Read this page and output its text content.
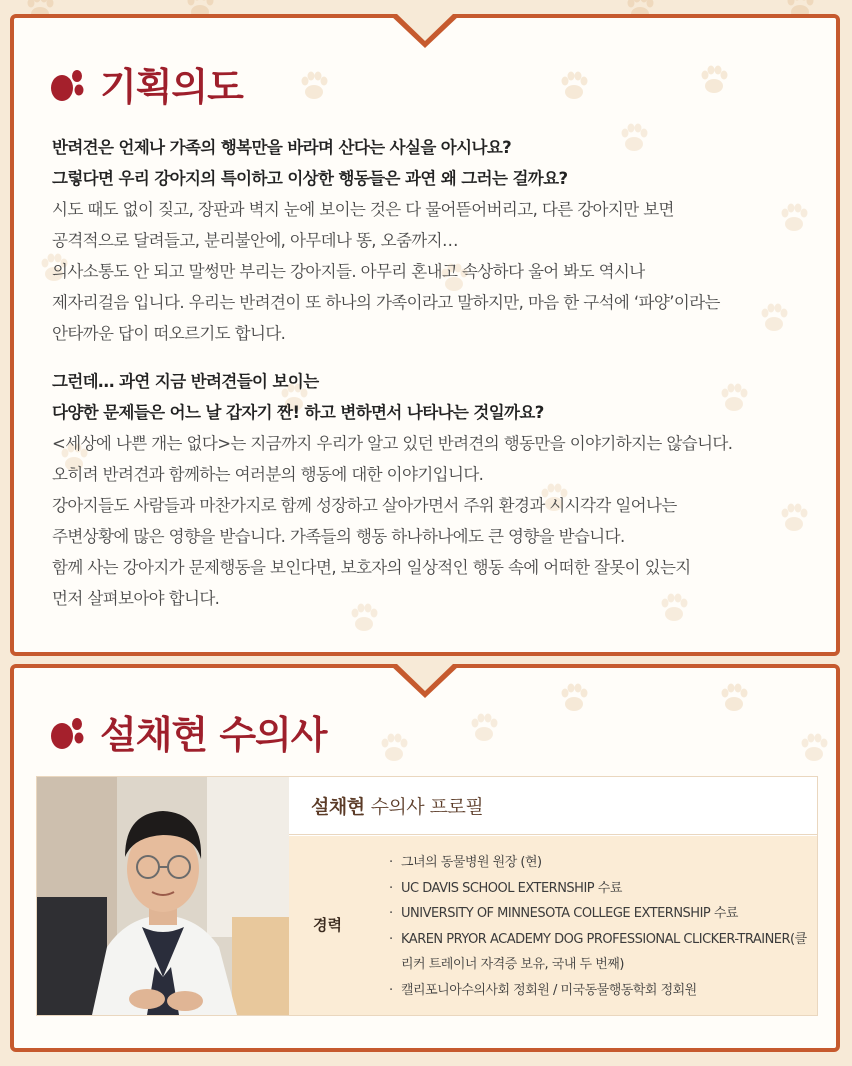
기획의도
반려견은 언제나 가족의 행복만을 바라며 산다는 사실을 아시나요?
그렇다면 우리 강아지의 특이하고 이상한 행동들은 과연 왜 그러는 걸까요?
시도 때도 없이 짖고, 장판과 벽지 눈에 보이는 것은 다 물어뜯어버리고, 다른 강아지만 보면
공격적으로 달려들고, 분리불안에, 아무데나 똥, 오줌까지…
의사소통도 안 되고 말썽만 부리는 강아지들. 아무리 혼내고 속상하다 울어 봐도 역시나
제자리걸음 입니다. 우리는 반려견이 또 하나의 가족이라고 말하지만, 마음 한 구석에 ‘파양’이라는
안타까운 답이 떠오르기도 합니다.
그런데… 과연 지금 반려견들이 보이는
다양한 문제들은 어느 날 갑자기 짠! 하고 변하면서 나타나는 것일까요?
<세상에 나쁜 개는 없다>는 지금까지 우리가 알고 있던 반려견의 행동만을 이야기하지는 않습니다.
오히려 반려견과 함께하는 여러분의 행동에 대한 이야기입니다.
강아지들도 사람들과 마찬가지로 함께 성장하고 살아가면서 주위 환경과 시시각각 일어나는
주변상황에 많은 영향을 받습니다. 가족들의 행동 하나하나에도 큰 영향을 받습니다.
함께 사는 강아지가 문제행동을 보인다면, 보호자의 일상적인 행동 속에 어떠한 잘못이 있는지
먼저 살펴보아야 합니다.
설채현 수의사
설채현 수의사 프로필
경력
· 그녀의 동물병원 원장 (현)
· UC DAVIS SCHOOL EXTERNSHIP 수료
· UNIVERSITY OF MINNESOTA COLLEGE EXTERNSHIP 수료
· KAREN PRYOR ACADEMY DOG PROFESSIONAL CLICKER-TRAINER(클리커 트레이너 자격증 보유, 국내 두 번째)
· 캘리포니아수의사회 정회원 / 미국동물행동학회 정회원
